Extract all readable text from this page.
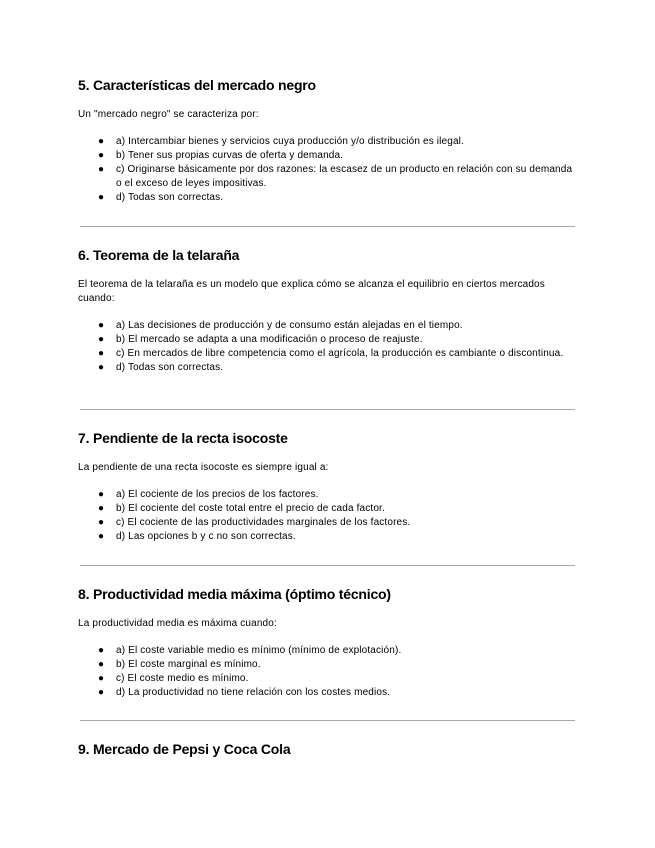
5. Características del mercado negro

Un "mercado negro" se caracteriza por:

● a) Intercambiar bienes y servicios cuya producción y/o distribución es ilegal.
● b) Tener sus propias curvas de oferta y demanda.
● c) Originarse básicamente por dos razones: la escasez de un producto en relación con su demanda o el exceso de leyes impositivas.
● d) Todas son correctas.
6. Teorema de la telaraña

El teorema de la telaraña es un modelo que explica cómo se alcanza el equilibrio en ciertos mercados cuando:

● a) Las decisiones de producción y de consumo están alejadas en el tiempo.
● b) El mercado se adapta a una modificación o proceso de reajuste.
● c) En mercados de libre competencia como el agrícola, la producción es cambiante o discontinua.
● d) Todas son correctas.
7. Pendiente de la recta isocoste

La pendiente de una recta isocoste es siempre igual a:

● a) El cociente de los precios de los factores.
● b) El cociente del coste total entre el precio de cada factor.
● c) El cociente de las productividades marginales de los factores.
● d) Las opciones b y c no son correctas.
8. Productividad media máxima (óptimo técnico)

La productividad media es máxima cuando:

● a) El coste variable medio es mínimo (mínimo de explotación).
● b) El coste marginal es mínimo.
● c) El coste medio es mínimo.
● d) La productividad no tiene relación con los costes medios.
9. Mercado de Pepsi y Coca Cola
